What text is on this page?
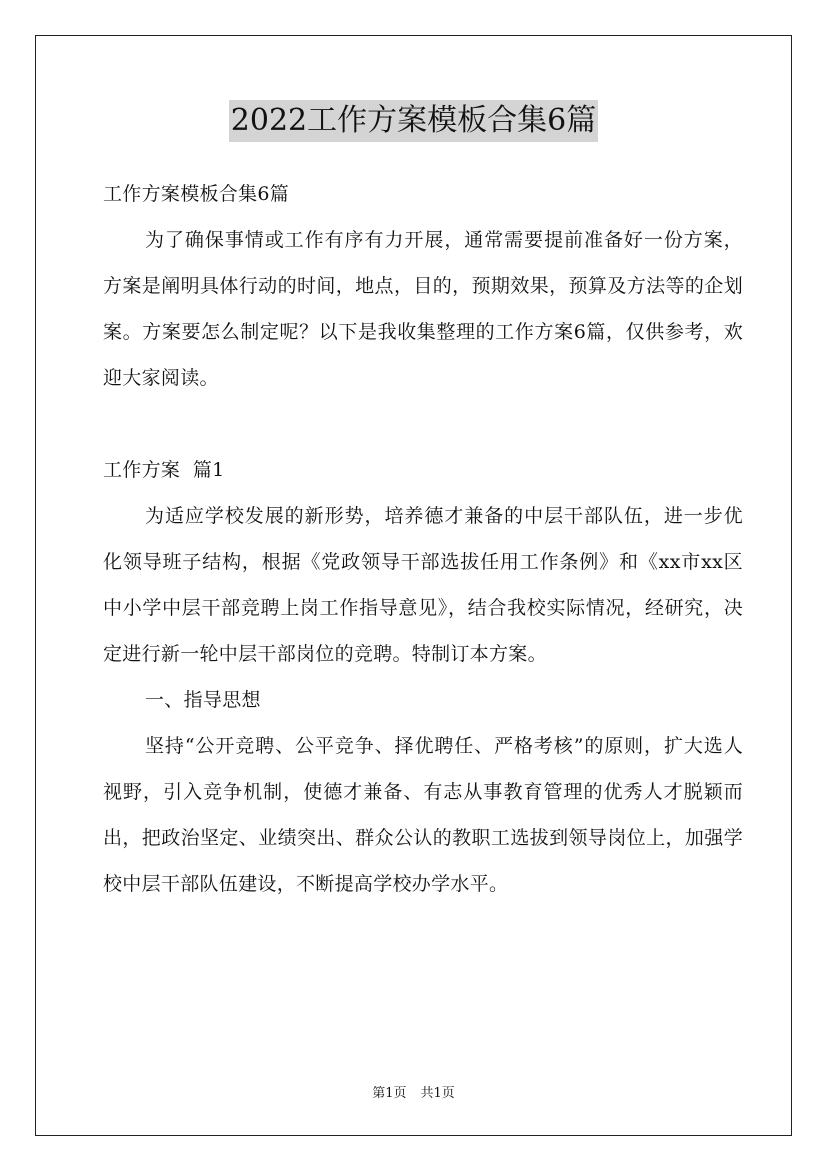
2022工作方案模板合集6篇

工作方案模板合集6篇

为了确保事情或工作有序有力开展，通常需要提前准备好一份方案，方案是阐明具体行动的时间，地点，目的，预期效果，预算及方法等的企划案。方案要怎么制定呢？以下是我收集整理的工作方案6篇，仅供参考，欢迎大家阅读。

工作方案  篇1

为适应学校发展的新形势，培养德才兼备的中层干部队伍，进一步优化领导班子结构，根据《党政领导干部选拔任用工作条例》和《xx市xx区中小学中层干部竞聘上岗工作指导意见》，结合我校实际情况，经研究，决定进行新一轮中层干部岗位的竞聘。特制订本方案。

一、指导思想

坚持“公开竞聘、公平竞争、择优聘任、严格考核”的原则，扩大选人视野，引入竞争机制，使德才兼备、有志从事教育管理的优秀人才脱颖而出，把政治坚定、业绩突出、群众公认的教职工选拔到领导岗位上，加强学校中层干部队伍建设，不断提高学校办学水平。

第1页 共1页
